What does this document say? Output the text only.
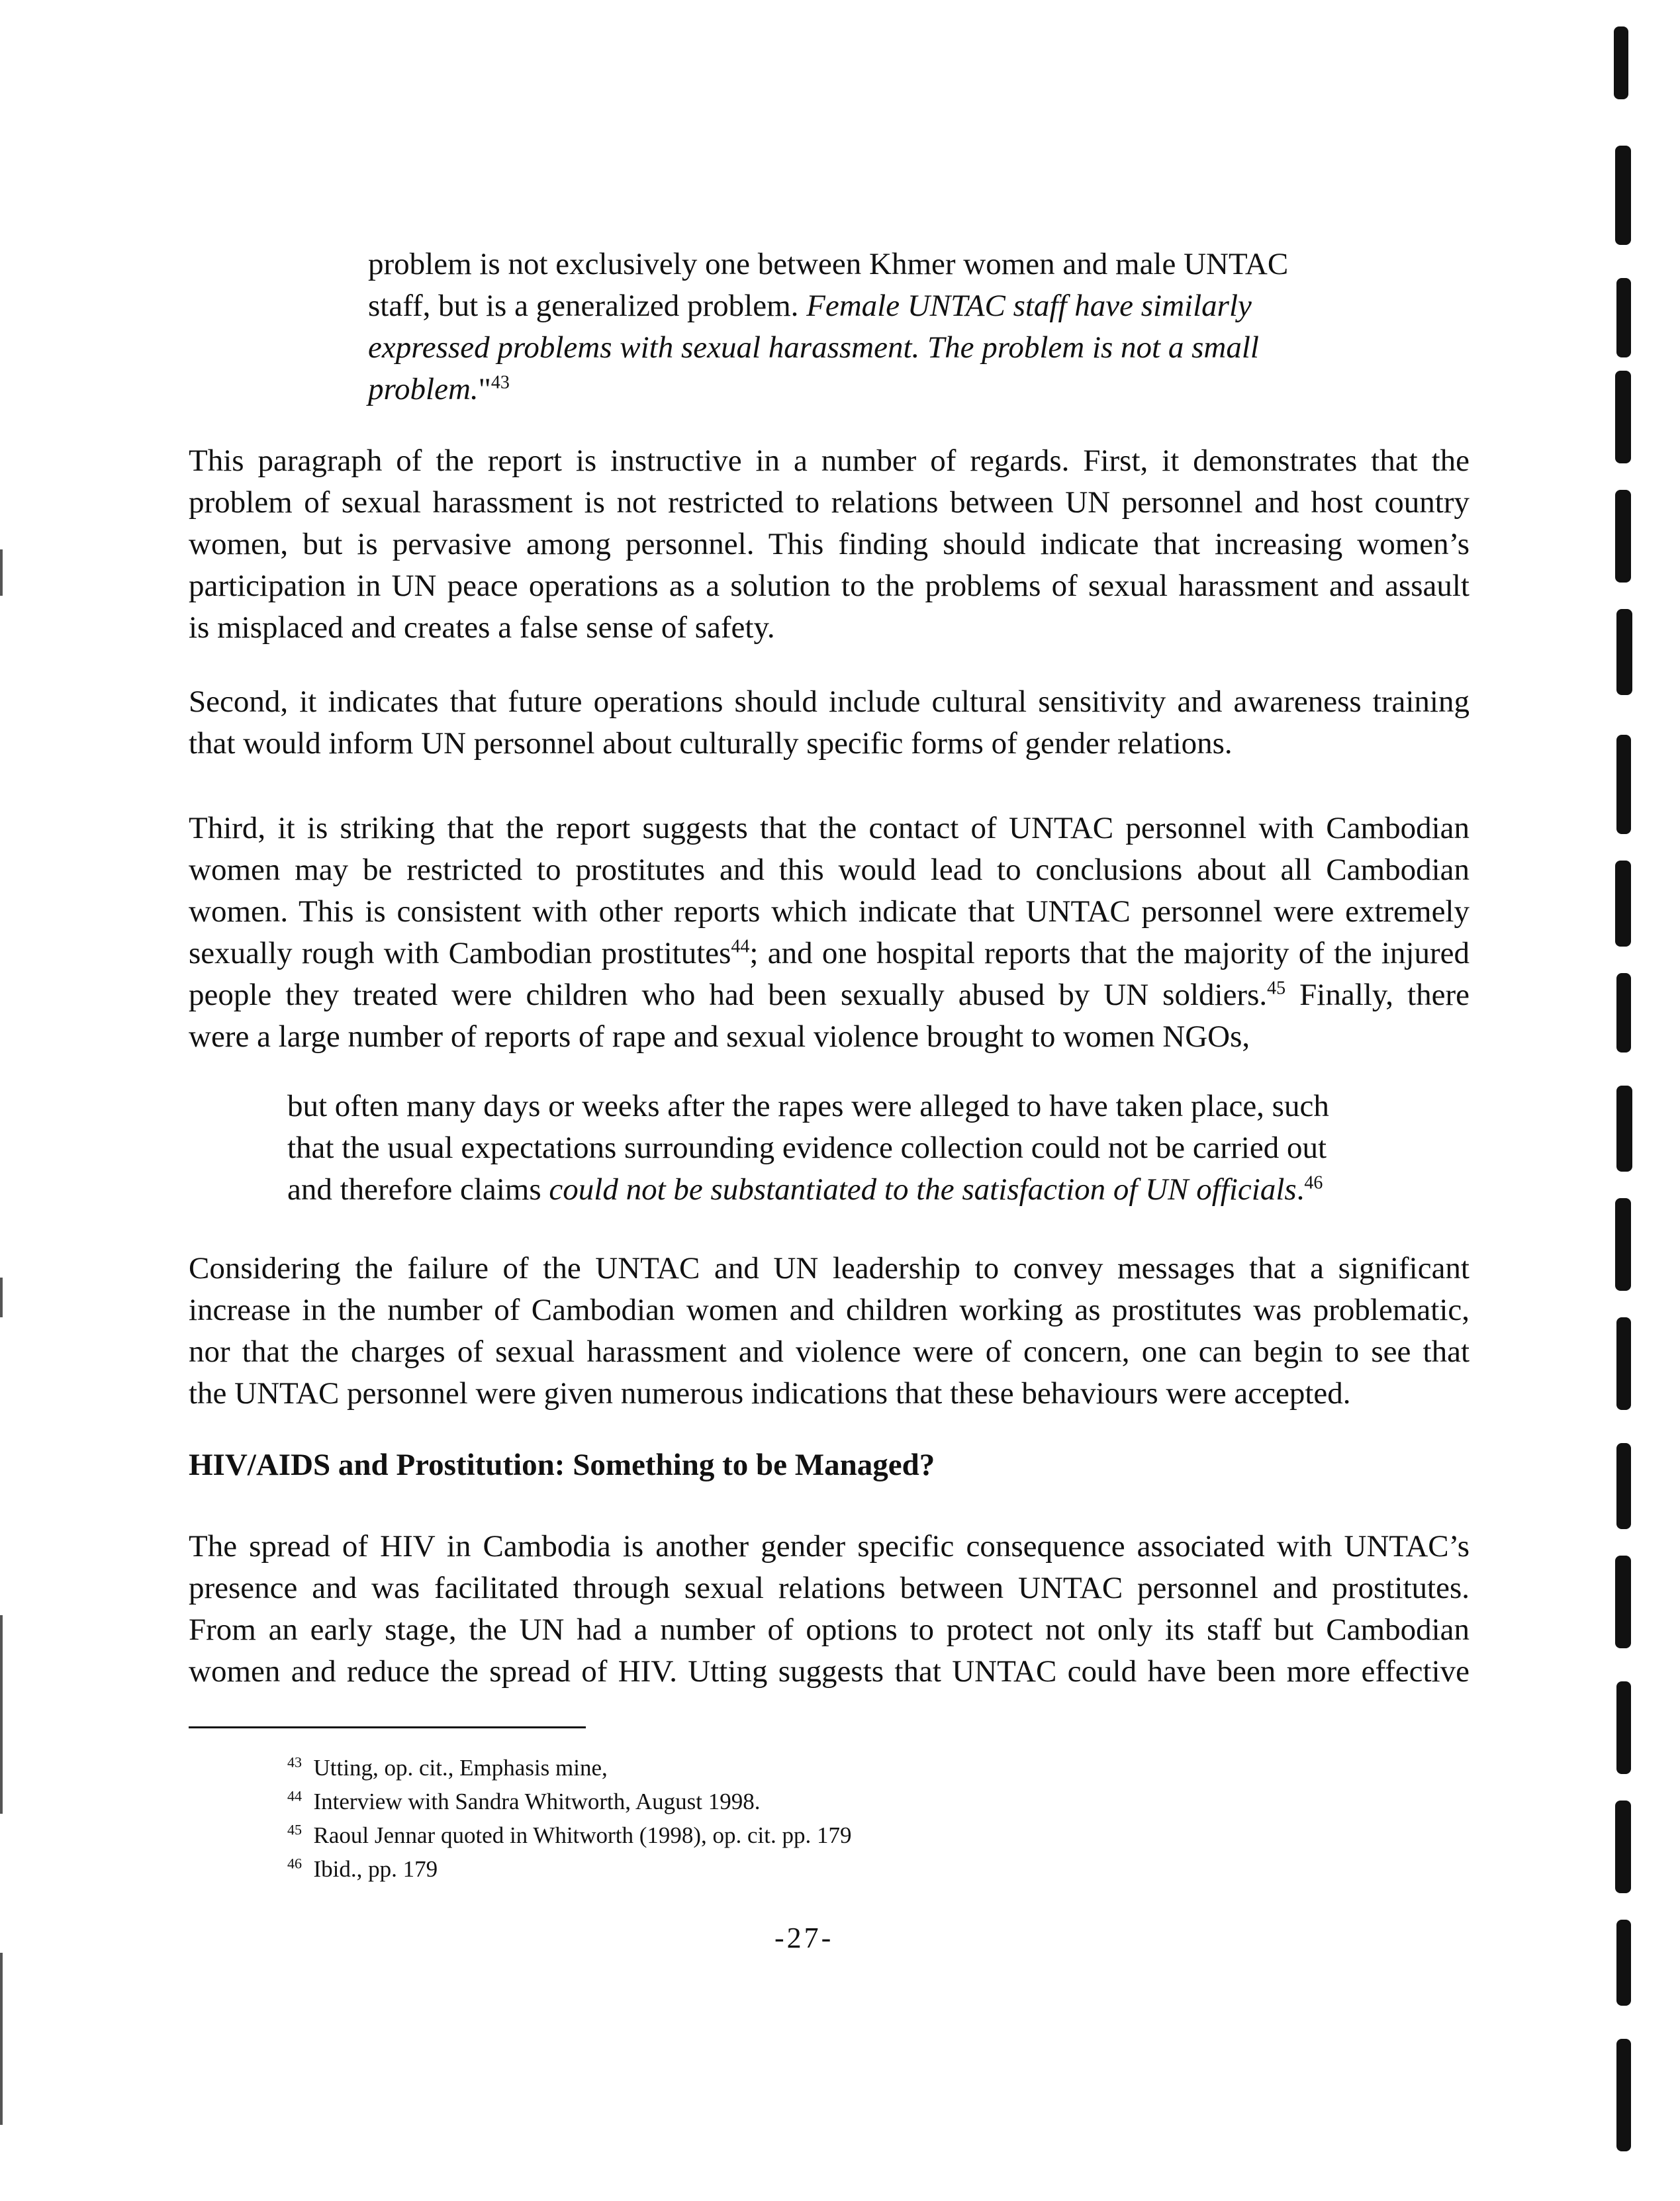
problem is not exclusively one between Khmer women and male UNTAC
staff, but is a generalized problem. Female UNTAC staff have similarly
expressed problems with sexual harassment. The problem is not a small
problem."$^{43}$
This paragraph of the report is instructive in a number of regards. First, it demonstrates that the
problem of sexual harassment is not restricted to relations between UN personnel and host country
women, but is pervasive among personnel. This finding should indicate that increasing women’s
participation in UN peace operations as a solution to the problems of sexual harassment and assault
is misplaced and creates a false sense of safety.
Second, it indicates that future operations should include cultural sensitivity and awareness training
that would inform UN personnel about culturally specific forms of gender relations.
Third, it is striking that the report suggests that the contact of UNTAC personnel with Cambodian
women may be restricted to prostitutes and this would lead to conclusions about all Cambodian
women. This is consistent with other reports which indicate that UNTAC personnel were extremely
sexually rough with Cambodian prostitutes$^{44}$; and one hospital reports that the majority of the injured
people they treated were children who had been sexually abused by UN soldiers.$^{45}$ Finally, there
were a large number of reports of rape and sexual violence brought to women NGOs,
but often many days or weeks after the rapes were alleged to have taken place, such
that the usual expectations surrounding evidence collection could not be carried out
and therefore claims could not be substantiated to the satisfaction of UN officials.$^{46}$
Considering the failure of the UNTAC and UN leadership to convey messages that a significant
increase in the number of Cambodian women and children working as prostitutes was problematic,
nor that the charges of sexual harassment and violence were of concern, one can begin to see that
the UNTAC personnel were given numerous indications that these behaviours were accepted.
HIV/AIDS and Prostitution: Something to be Managed?
The spread of HIV in Cambodia is another gender specific consequence associated with UNTAC’s
presence and was facilitated through sexual relations between UNTAC personnel and prostitutes.
From an early stage, the UN had a number of options to protect not only its staff but Cambodian
women and reduce the spread of HIV. Utting suggests that UNTAC could have been more effective
$^{43}$ Utting, op. cit., Emphasis mine,
$^{44}$ Interview with Sandra Whitworth, August 1998.
$^{45}$ Raoul Jennar quoted in Whitworth (1998), op. cit. pp. 179
$^{46}$ Ibid., pp. 179
-27-
